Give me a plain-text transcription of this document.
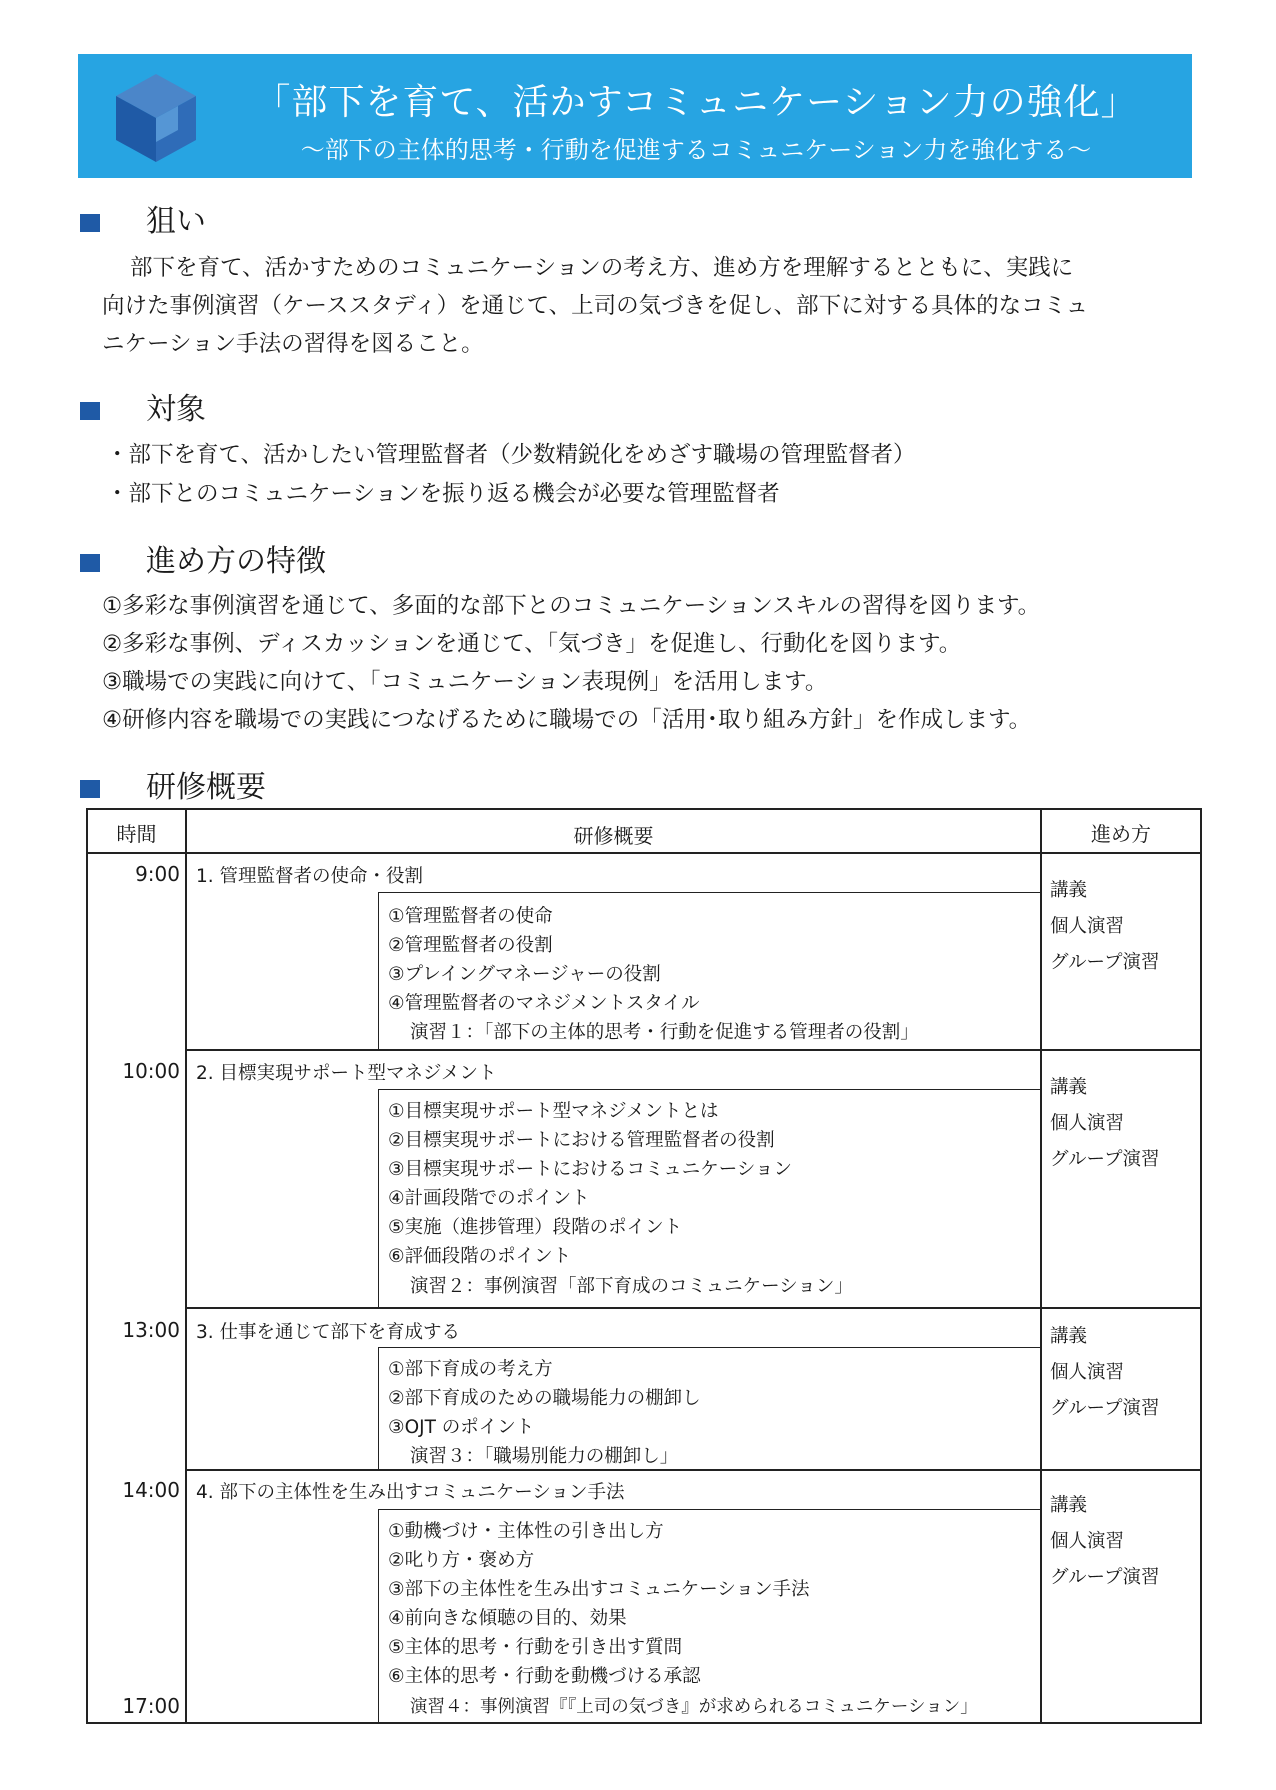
「部下を育て、活かすコミュニケーション力の強化」
～部下の主体的思考・行動を促進するコミュニケーション力を強化する～
狙い
部下を育て、活かすためのコミュニケーションの考え方、進め方を理解するとともに、実践に
向けた事例演習（ケーススタディ）を通じて、上司の気づきを促し、部下に対する具体的なコミュ
ニケーション手法の習得を図ること。
対象
・部下を育て、活かしたい管理監督者（少数精鋭化をめざす職場の管理監督者）
・部下とのコミュニケーションを振り返る機会が必要な管理監督者
進め方の特徴
①多彩な事例演習を通じて、多面的な部下とのコミュニケーションスキルの習得を図ります。
②多彩な事例、ディスカッションを通じて、「気づき」を促進し、行動化を図ります。
③職場での実践に向けて、「コミュニケーション表現例」を活用します。
④研修内容を職場での実践につなげるために職場での「活用･取り組み方針」を作成します。
研修概要
時間	研修概要	進め方
9:00 1. 管理監督者の使命・役割
①管理監督者の使命
②管理監督者の役割
③プレイングマネージャーの役割
④管理監督者のマネジメントスタイル
演習１：「部下の主体的思考・行動を促進する管理者の役割」
講義
個人演習
グループ演習
10:00 2. 目標実現サポート型マネジメント
①目標実現サポート型マネジメントとは
②目標実現サポートにおける管理監督者の役割
③目標実現サポートにおけるコミュニケーション
④計画段階でのポイント
⑤実施（進捗管理）段階のポイント
⑥評価段階のポイント
演習２：事例演習「部下育成のコミュニケーション」
講義
個人演習
グループ演習
13:00 3. 仕事を通じて部下を育成する
①部下育成の考え方
②部下育成のための職場能力の棚卸し
③OJT のポイント
演習３：「職場別能力の棚卸し」
講義
個人演習
グループ演習
14:00 4. 部下の主体性を生み出すコミュニケーション手法
①動機づけ・主体性の引き出し方
②叱り方・褒め方
③部下の主体性を生み出すコミュニケーション手法
④前向きな傾聴の目的、効果
⑤主体的思考・行動を引き出す質問
⑥主体的思考・行動を動機づける承認
演習４：事例演習『『上司の気づき』が求められるコミュニケーション」
講義
個人演習
グループ演習
17:00
